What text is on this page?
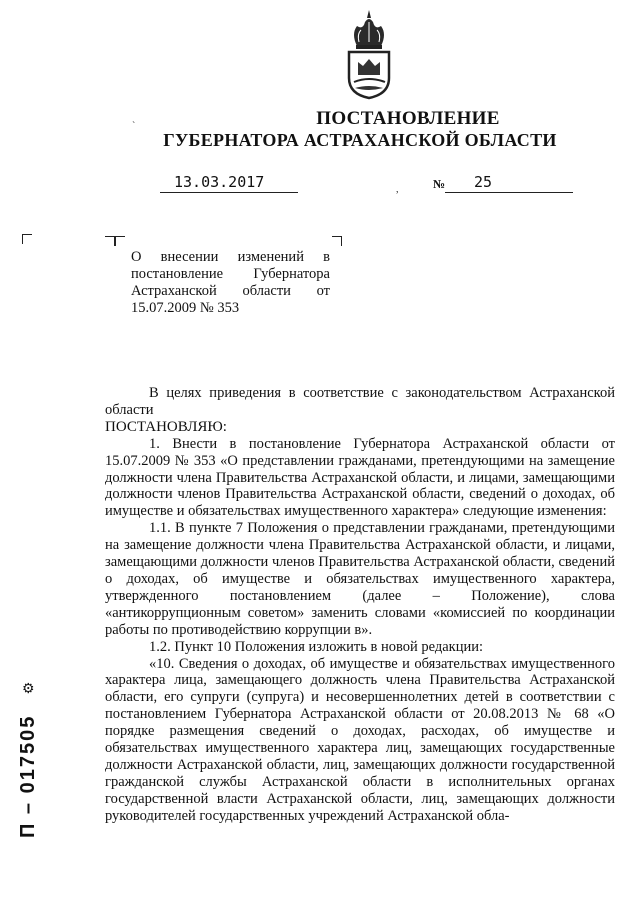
ПОСТАНОВЛЕНИЕ
ГУБЕРНАТОРА АСТРАХАНСКОЙ ОБЛАСТИ
`
,
13.03.2017	№ 25
О внесении изменений в постановление Губернатора Астраханской области от 15.07.2009 № 353
В целях приведения в соответствие с законодательством Астраханской области
ПОСТАНОВЛЯЮ:
1. Внести в постановление Губернатора Астраханской области от 15.07.2009 № 353 «О представлении гражданами, претендующими на замещение должности члена Правительства Астраханской области, и лицами, замещающими должности членов Правительства Астраханской области, сведений о доходах, об имуществе и обязательствах имущественного характера» следующие изменения:
1.1. В пункте 7 Положения о представлении гражданами, претендующими на замещение должности члена Правительства Астраханской области, и лицами, замещающими должности членов Правительства Астраханской области, сведений о доходах, об имуществе и обязательствах имущественного характера, утвержденного постановлением (далее – Положение), слова «антикоррупционным советом» заменить словами «комиссией по координации работы по противодействию коррупции в».
1.2. Пункт 10 Положения изложить в новой редакции:
«10. Сведения о доходах, об имуществе и обязательствах имущественного характера лица, замещающего должность члена Правительства Астраханской области, его супруги (супруга) и несовершеннолетних детей в соответствии с постановлением Губернатора Астраханской области от 20.08.2013 № 68 «О порядке размещения сведений о доходах, расходах, об имуществе и обязательствах имущественного характера лиц, замещающих государственные должности Астраханской области, лиц, замещающих должности государственной гражданской службы Астраханской области в исполнительных органах государственной власти Астраханской области, лиц, замещающих должности руководителей государственных учреждений Астраханской обла-
П – 017505
⚙
